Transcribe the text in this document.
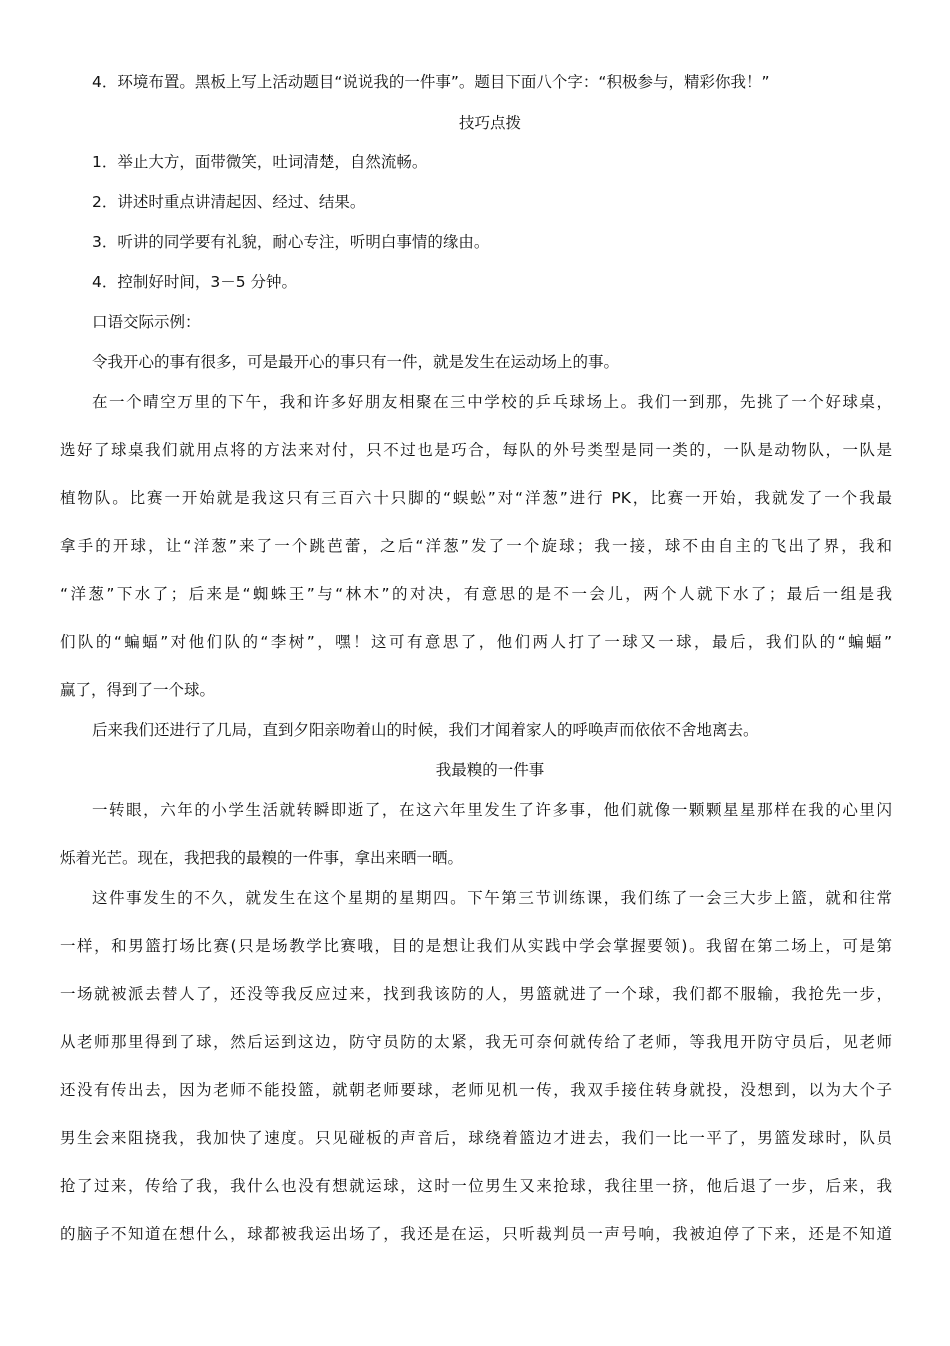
4．环境布置。黑板上写上活动题目“说说我的一件事”。题目下面八个字：“积极参与，精彩你我！”
技巧点拨
1．举止大方，面带微笑，吐词清楚，自然流畅。
2．讲述时重点讲清起因、经过、结果。
3．听讲的同学要有礼貌，耐心专注，听明白事情的缘由。
4．控制好时间，3－5 分钟。
口语交际示例：
令我开心的事有很多，可是最开心的事只有一件，就是发生在运动场上的事。
在一个晴空万里的下午，我和许多好朋友相聚在三中学校的乒乓球场上。我们一到那，先挑了一个好球桌，
选好了球桌我们就用点将的方法来对付，只不过也是巧合，每队的外号类型是同一类的，一队是动物队，一队是
植物队。比赛一开始就是我这只有三百六十只脚的“蜈蚣”对“洋葱”进行 PK，比赛一开始，我就发了一个我最
拿手的开球，让“洋葱”来了一个跳芭蕾，之后“洋葱”发了一个旋球；我一接，球不由自主的飞出了界，我和
“洋葱”下水了；后来是“蜘蛛王”与“林木”的对决，有意思的是不一会儿，两个人就下水了；最后一组是我
们队的“蝙蝠”对他们队的“李树”，嘿！这可有意思了，他们两人打了一球又一球，最后，我们队的“蝙蝠”
赢了，得到了一个球。
后来我们还进行了几局，直到夕阳亲吻着山的时候，我们才闻着家人的呼唤声而依依不舍地离去。
我最糗的一件事
一转眼，六年的小学生活就转瞬即逝了，在这六年里发生了许多事，他们就像一颗颗星星那样在我的心里闪
烁着光芒。现在，我把我的最糗的一件事，拿出来晒一晒。
这件事发生的不久，就发生在这个星期的星期四。下午第三节训练课，我们练了一会三大步上篮，就和往常
一样，和男篮打场比赛(只是场教学比赛哦，目的是想让我们从实践中学会掌握要领)。我留在第二场上，可是第
一场就被派去替人了，还没等我反应过来，找到我该防的人，男篮就进了一个球，我们都不服输，我抢先一步，
从老师那里得到了球，然后运到这边，防守员防的太紧，我无可奈何就传给了老师，等我甩开防守员后，见老师
还没有传出去，因为老师不能投篮，就朝老师要球，老师见机一传，我双手接住转身就投，没想到，以为大个子
男生会来阻挠我，我加快了速度。只见碰板的声音后，球绕着篮边才进去，我们一比一平了，男篮发球时，队员
抢了过来，传给了我，我什么也没有想就运球，这时一位男生又来抢球，我往里一挤，他后退了一步，后来，我
的脑子不知道在想什么，球都被我运出场了，我还是在运，只听裁判员一声号响，我被迫停了下来，还是不知道
